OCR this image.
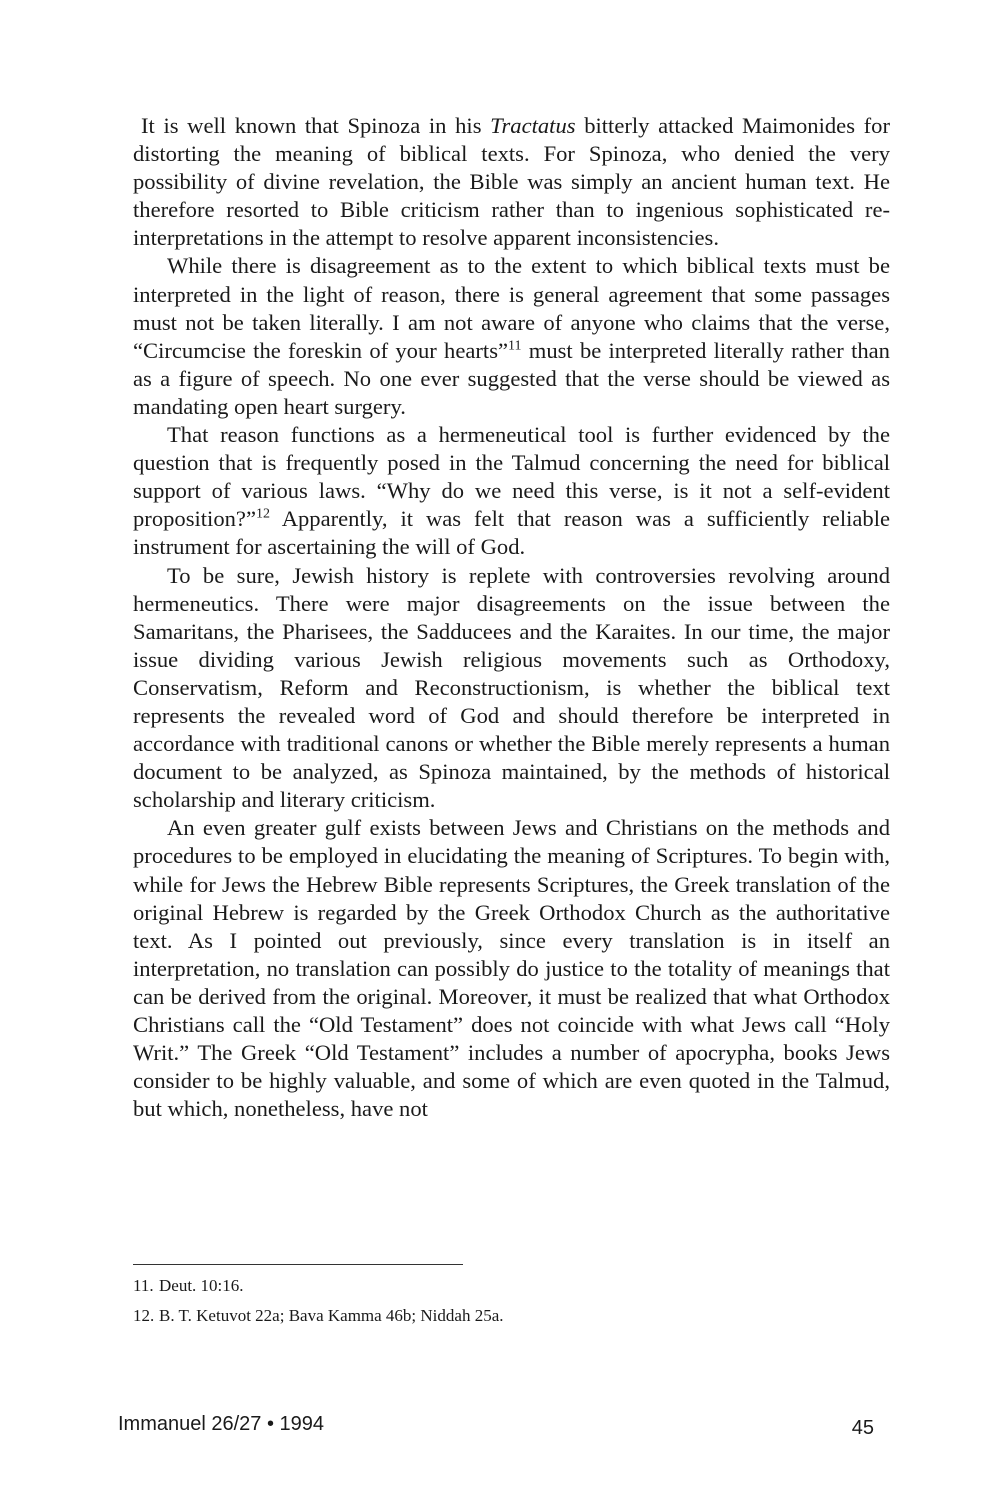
It is well known that Spinoza in his Tractatus bitterly attacked Maimonides for distorting the meaning of biblical texts. For Spinoza, who denied the very possibility of divine revelation, the Bible was simply an ancient human text. He therefore resorted to Bible criticism rather than to ingenious sophisticated re-interpretations in the attempt to resolve apparent inconsistencies.

While there is disagreement as to the extent to which biblical texts must be interpreted in the light of reason, there is general agreement that some passages must not be taken literally. I am not aware of anyone who claims that the verse, “Circumcise the foreskin of your hearts”$^{11}$ must be interpreted literally rather than as a figure of speech. No one ever suggested that the verse should be viewed as mandating open heart surgery.

That reason functions as a hermeneutical tool is further evidenced by the question that is frequently posed in the Talmud concerning the need for biblical support of various laws. “Why do we need this verse, is it not a self-evident proposition?”$^{12}$ Apparently, it was felt that reason was a sufficiently reliable instrument for ascertaining the will of God.

To be sure, Jewish history is replete with controversies revolving around hermeneutics. There were major disagreements on the issue between the Samaritans, the Pharisees, the Sadducees and the Karaites. In our time, the major issue dividing various Jewish religious movements such as Orthodoxy, Conservatism, Reform and Reconstructionism, is whether the biblical text represents the revealed word of God and should therefore be interpreted in accordance with traditional canons or whether the Bible merely represents a human document to be analyzed, as Spinoza maintained, by the methods of historical scholarship and literary criticism.

An even greater gulf exists between Jews and Christians on the methods and procedures to be employed in elucidating the meaning of Scriptures. To begin with, while for Jews the Hebrew Bible represents Scriptures, the Greek translation of the original Hebrew is regarded by the Greek Orthodox Church as the authoritative text. As I pointed out previously, since every translation is in itself an interpretation, no translation can possibly do justice to the totality of meanings that can be derived from the original. Moreover, it must be realized that what Orthodox Christians call the “Old Testament” does not coincide with what Jews call “Holy Writ.” The Greek “Old Testament” includes a number of apocrypha, books Jews consider to be highly valuable, and some of which are even quoted in the Talmud, but which, nonetheless, have not

11. Deut. 10:16.

12. B. T. Ketuvot 22a; Bava Kamma 46b; Niddah 25a.

Immanuel 26/27 • 1994	45
